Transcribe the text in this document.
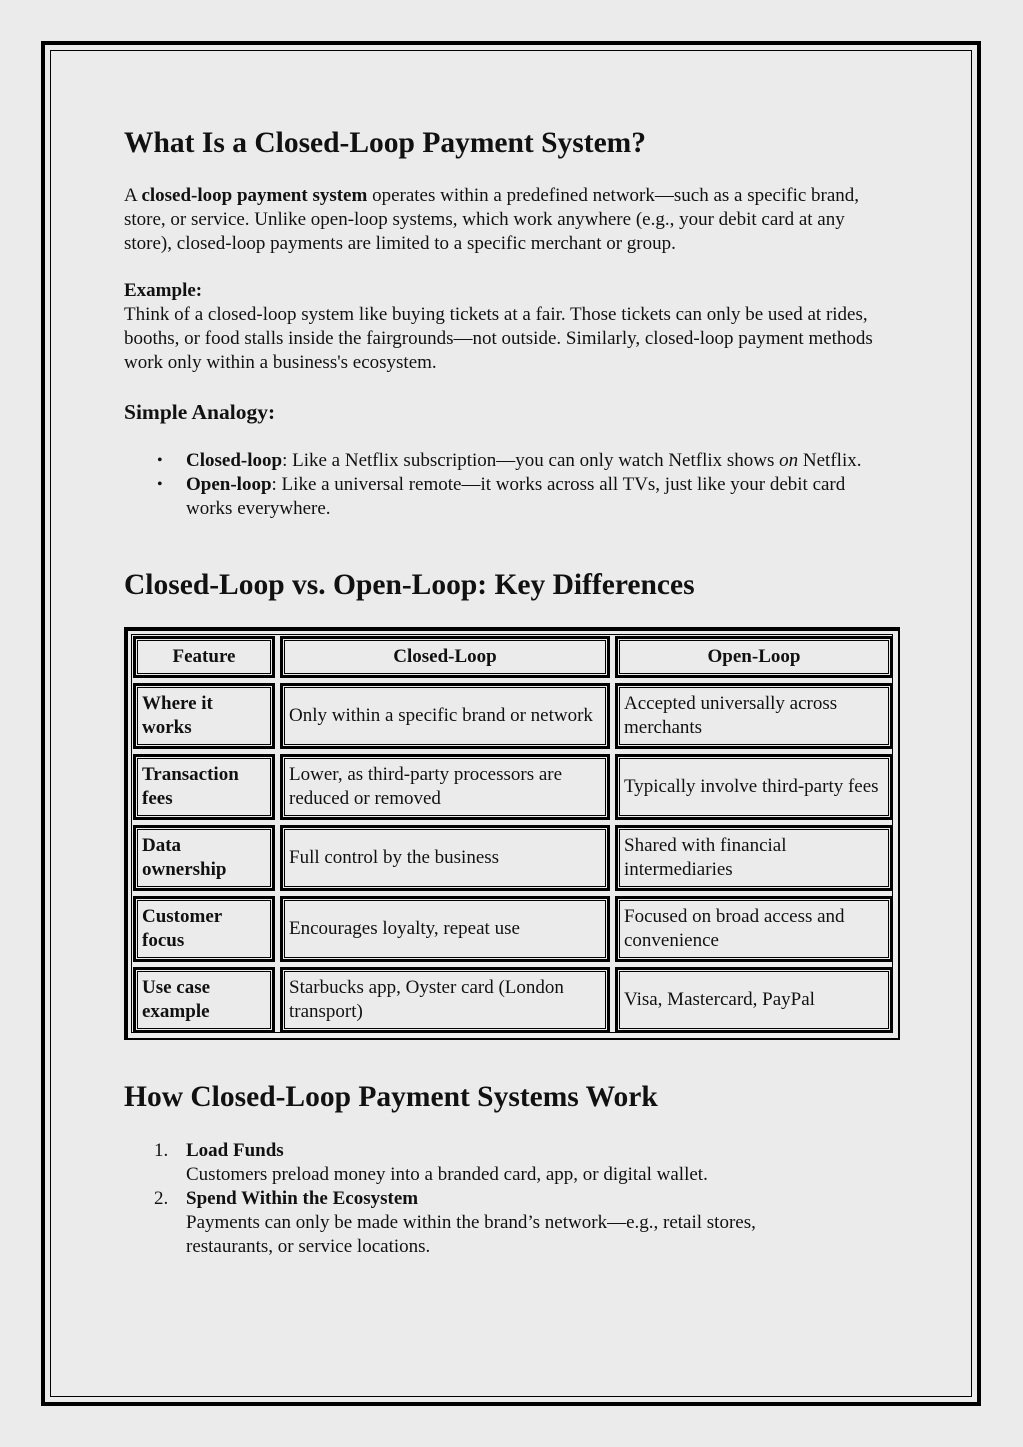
What Is a Closed-Loop Payment System?

A closed-loop payment system operates within a predefined network—such as a specific brand, store, or service. Unlike open-loop systems, which work anywhere (e.g., your debit card at any store), closed-loop payments are limited to a specific merchant or group.

Example:
Think of a closed-loop system like buying tickets at a fair. Those tickets can only be used at rides, booths, or food stalls inside the fairgrounds—not outside. Similarly, closed-loop payment methods work only within a business's ecosystem.
Simple Analogy:
• Closed-loop: Like a Netflix subscription—you can only watch Netflix shows on Netflix.
• Open-loop: Like a universal remote—it works across all TVs, just like your debit card works everywhere.
Closed-Loop vs. Open-Loop: Key Differences
Feature	Closed-Loop	Open-Loop
Where it works	Only within a specific brand or network	Accepted universally across merchants
Transaction fees	Lower, as third-party processors are reduced or removed	Typically involve third-party fees
Data ownership	Full control by the business	Shared with financial intermediaries
Customer focus	Encourages loyalty, repeat use	Focused on broad access and convenience
Use case example	Starbucks app, Oyster card (London transport)	Visa, Mastercard, PayPal
How Closed-Loop Payment Systems Work
1. Load Funds
Customers preload money into a branded card, app, or digital wallet.
2. Spend Within the Ecosystem
Payments can only be made within the brand’s network—e.g., retail stores, restaurants, or service locations.
